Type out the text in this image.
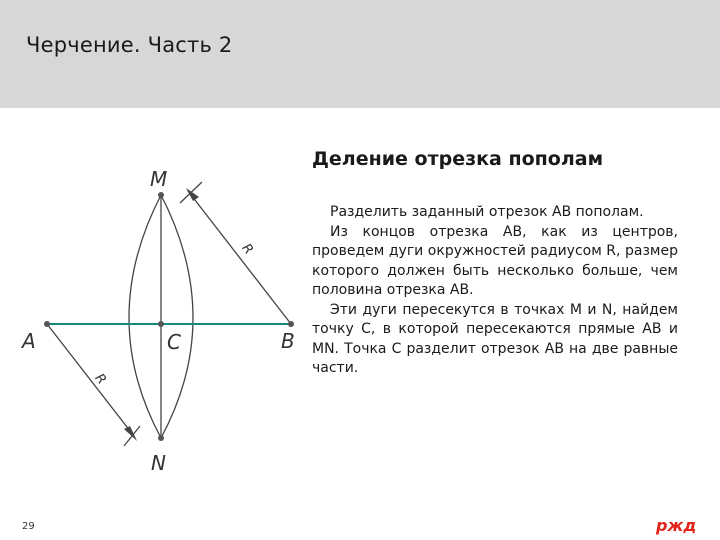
Черчение. Часть 2
A	B
C
M
N
R
R
Деление отрезка пополам

Разделить заданный отрезок АВ пополам.

Из концов отрезка АВ, как из центров, проведем дуги окружностей радиусом R, размер которого должен быть несколько больше, чем половина отрезка АВ.

Эти дуги пересекутся в точках M и N, найдем точку С, в которой пересекаются прямые АВ и MN. Точка С разделит отрезок АВ на две равные части.

29	ржд
